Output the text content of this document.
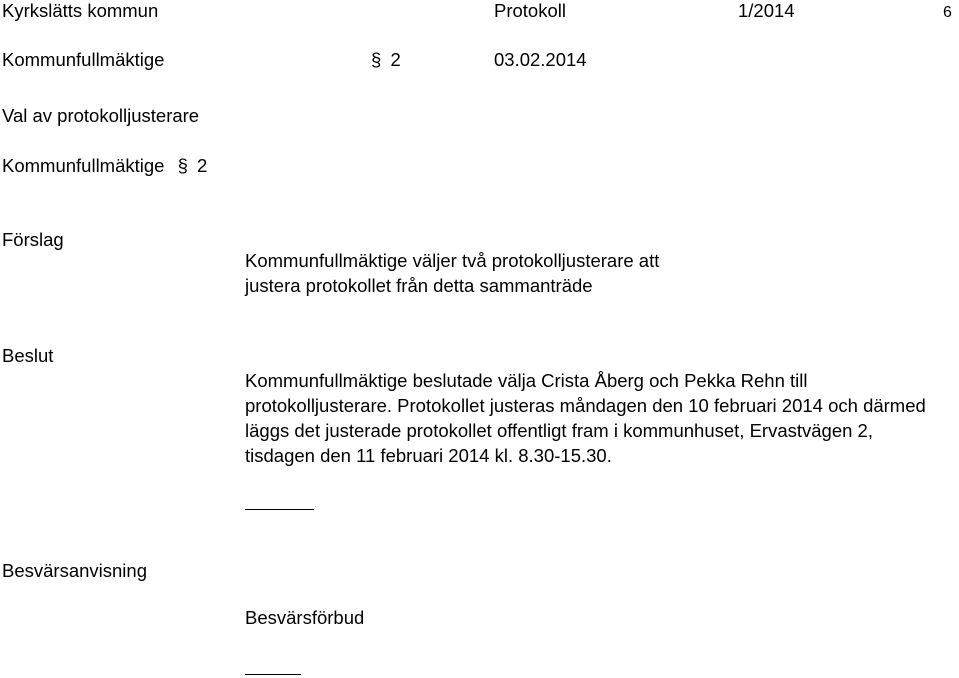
Kyrkslätts kommun	Protokoll	1/2014	6
Kommunfullmäktige	§ 2	03.02.2014
Val av protokolljusterare
Kommunfullmäktige § 2
Förslag
Kommunfullmäktige väljer två protokolljusterare att justera protokollet från detta sammanträde
Beslut
Kommunfullmäktige beslutade välja Crista Åberg och Pekka Rehn till protokolljusterare. Protokollet justeras måndagen den 10 februari 2014 och därmed läggs det justerade protokollet offentligt fram i kommunhuset, Ervastvägen 2, tisdagen den 11 februari 2014 kl. 8.30-15.30.
Besvärsanvisning
Besvärsförbud
